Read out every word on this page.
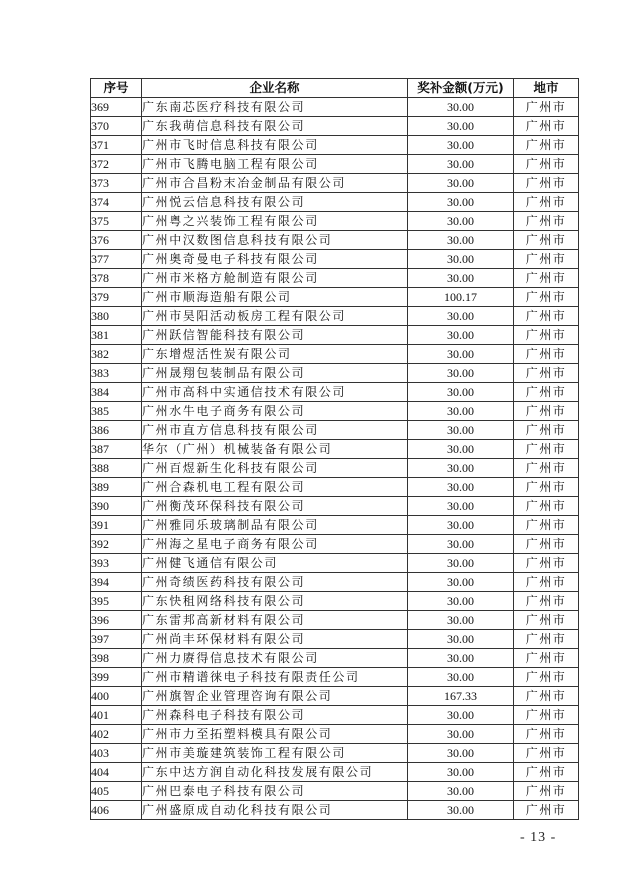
序号	企业名称	奖补金额(万元)	地市
369	广东南芯医疗科技有限公司	30.00	广州市
370	广东我萌信息科技有限公司	30.00	广州市
371	广州市飞时信息科技有限公司	30.00	广州市
372	广州市飞腾电脑工程有限公司	30.00	广州市
373	广州市合昌粉末冶金制品有限公司	30.00	广州市
374	广州悦云信息科技有限公司	30.00	广州市
375	广州粤之兴装饰工程有限公司	30.00	广州市
376	广州中汉数图信息科技有限公司	30.00	广州市
377	广州奥奇曼电子科技有限公司	30.00	广州市
378	广州市米格方舱制造有限公司	30.00	广州市
379	广州市顺海造船有限公司	100.17	广州市
380	广州市昊阳活动板房工程有限公司	30.00	广州市
381	广州跃信智能科技有限公司	30.00	广州市
382	广东增煜活性炭有限公司	30.00	广州市
383	广州晟翔包装制品有限公司	30.00	广州市
384	广州市高科中实通信技术有限公司	30.00	广州市
385	广州水牛电子商务有限公司	30.00	广州市
386	广州市直方信息科技有限公司	30.00	广州市
387	华尔（广州）机械装备有限公司	30.00	广州市
388	广州百煜新生化科技有限公司	30.00	广州市
389	广州合森机电工程有限公司	30.00	广州市
390	广州衡茂环保科技有限公司	30.00	广州市
391	广州雅同乐玻璃制品有限公司	30.00	广州市
392	广州海之星电子商务有限公司	30.00	广州市
393	广州健飞通信有限公司	30.00	广州市
394	广州奇绩医药科技有限公司	30.00	广州市
395	广东快租网络科技有限公司	30.00	广州市
396	广东雷邦高新材料有限公司	30.00	广州市
397	广州尚丰环保材料有限公司	30.00	广州市
398	广州力赓得信息技术有限公司	30.00	广州市
399	广州市精谱徕电子科技有限责任公司	30.00	广州市
400	广州旗智企业管理咨询有限公司	167.33	广州市
401	广州森科电子科技有限公司	30.00	广州市
402	广州市力至拓塑料模具有限公司	30.00	广州市
403	广州市美璇建筑装饰工程有限公司	30.00	广州市
404	广东中达方润自动化科技发展有限公司	30.00	广州市
405	广州巴泰电子科技有限公司	30.00	广州市
406	广州盛原成自动化科技有限公司	30.00	广州市
- 13 -
